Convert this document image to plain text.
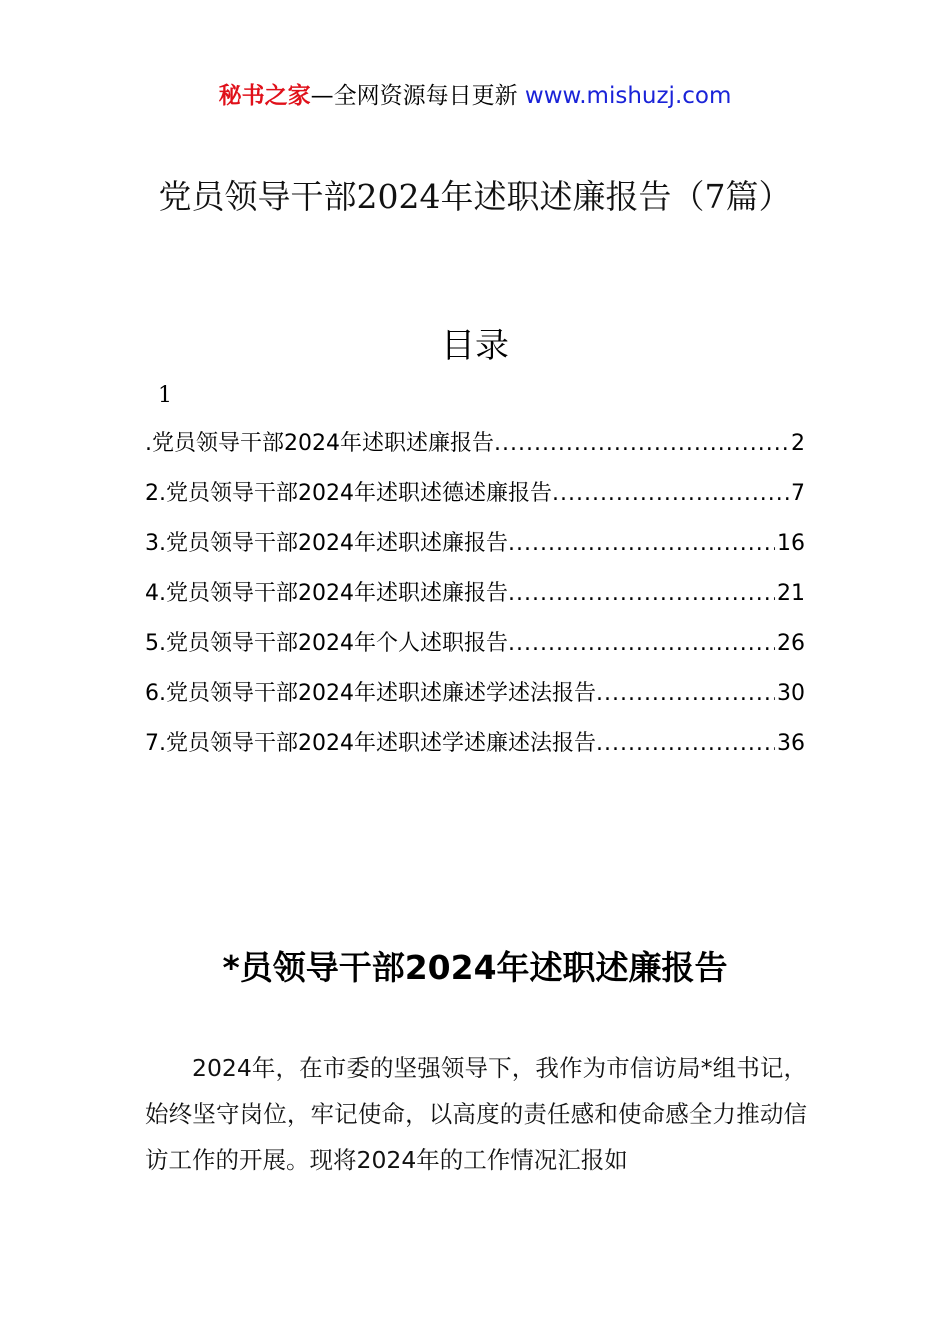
秘书之家—全网资源每日更新 www.mishuzj.com
党员领导干部2024年述职述廉报告（7篇）
目录
1
.党员领导干部2024年述职述廉报告 .....	2
2.党员领导干部2024年述职述德述廉报告 .....	7
3.党员领导干部2024年述职述廉报告 .....	16
4.党员领导干部2024年述职述廉报告 .....	21
5.党员领导干部2024年个人述职报告 .....	26
6.党员领导干部2024年述职述廉述学述法报告 .....	30
7.党员领导干部2024年述职述学述廉述法报告 .....	36
*员领导干部2024年述职述廉报告

2024年，在市委的坚强领导下，我作为市信访局*组书记，始终坚守岗位，牢记使命，以高度的责任感和使命感全力推动信访工作的开展。现将2024年的工作情况汇报如
